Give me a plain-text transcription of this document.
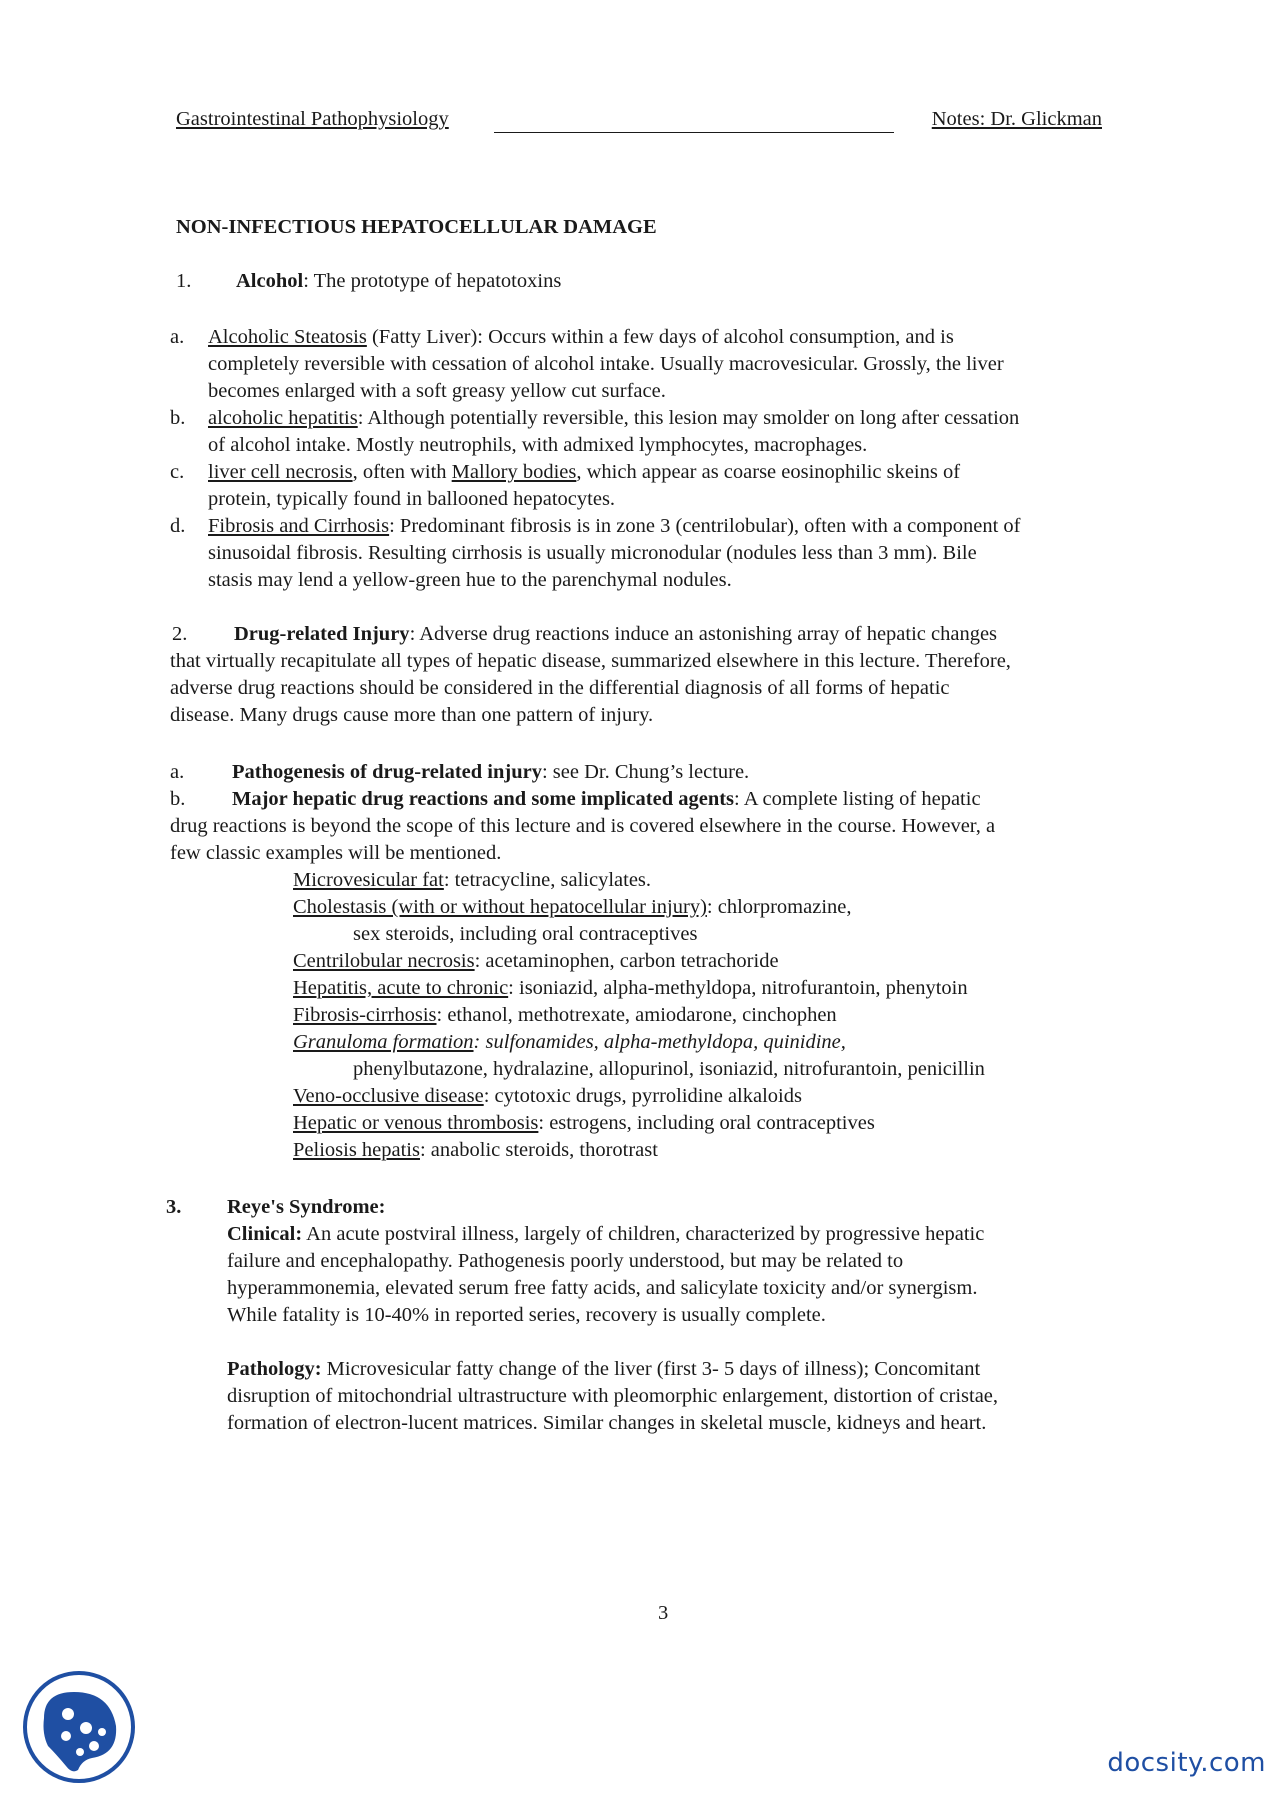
Gastrointestinal Pathophysiology	Notes: Dr. Glickman
NON-INFECTIOUS HEPATOCELLULAR DAMAGE
1. Alcohol: The prototype of hepatotoxins
a. Alcoholic Steatosis (Fatty Liver): Occurs within a few days of alcohol consumption, and is
completely reversible with cessation of alcohol intake. Usually macrovesicular. Grossly, the liver
becomes enlarged with a soft greasy yellow cut surface.
b. alcoholic hepatitis: Although potentially reversible, this lesion may smolder on long after cessation
of alcohol intake. Mostly neutrophils, with admixed lymphocytes, macrophages.
c. liver cell necrosis, often with Mallory bodies, which appear as coarse eosinophilic skeins of
protein, typically found in ballooned hepatocytes.
d. Fibrosis and Cirrhosis: Predominant fibrosis is in zone 3 (centrilobular), often with a component of
sinusoidal fibrosis. Resulting cirrhosis is usually micronodular (nodules less than 3 mm). Bile
stasis may lend a yellow-green hue to the parenchymal nodules.
2. Drug-related Injury: Adverse drug reactions induce an astonishing array of hepatic changes
that virtually recapitulate all types of hepatic disease, summarized elsewhere in this lecture. Therefore,
adverse drug reactions should be considered in the differential diagnosis of all forms of hepatic
disease. Many drugs cause more than one pattern of injury.
a. Pathogenesis of drug-related injury: see Dr. Chung’s lecture.
b. Major hepatic drug reactions and some implicated agents: A complete listing of hepatic
drug reactions is beyond the scope of this lecture and is covered elsewhere in the course. However, a
few classic examples will be mentioned.
Microvesicular fat: tetracycline, salicylates.
Cholestasis (with or without hepatocellular injury): chlorpromazine,
sex steroids, including oral contraceptives
Centrilobular necrosis: acetaminophen, carbon tetrachoride
Hepatitis, acute to chronic: isoniazid, alpha-methyldopa, nitrofurantoin, phenytoin
Fibrosis-cirrhosis: ethanol, methotrexate, amiodarone, cinchophen
Granuloma formation: sulfonamides, alpha-methyldopa, quinidine,
phenylbutazone, hydralazine, allopurinol, isoniazid, nitrofurantoin, penicillin
Veno-occlusive disease: cytotoxic drugs, pyrrolidine alkaloids
Hepatic or venous thrombosis: estrogens, including oral contraceptives
Peliosis hepatis: anabolic steroids, thorotrast
3. Reye's Syndrome:
Clinical: An acute postviral illness, largely of children, characterized by progressive hepatic
failure and encephalopathy. Pathogenesis poorly understood, but may be related to
hyperammonemia, elevated serum free fatty acids, and salicylate toxicity and/or synergism.
While fatality is 10-40% in reported series, recovery is usually complete.
Pathology: Microvesicular fatty change of the liver (first 3- 5 days of illness); Concomitant
disruption of mitochondrial ultrastructure with pleomorphic enlargement, distortion of cristae,
formation of electron-lucent matrices. Similar changes in skeletal muscle, kidneys and heart.
3
docsity.com
